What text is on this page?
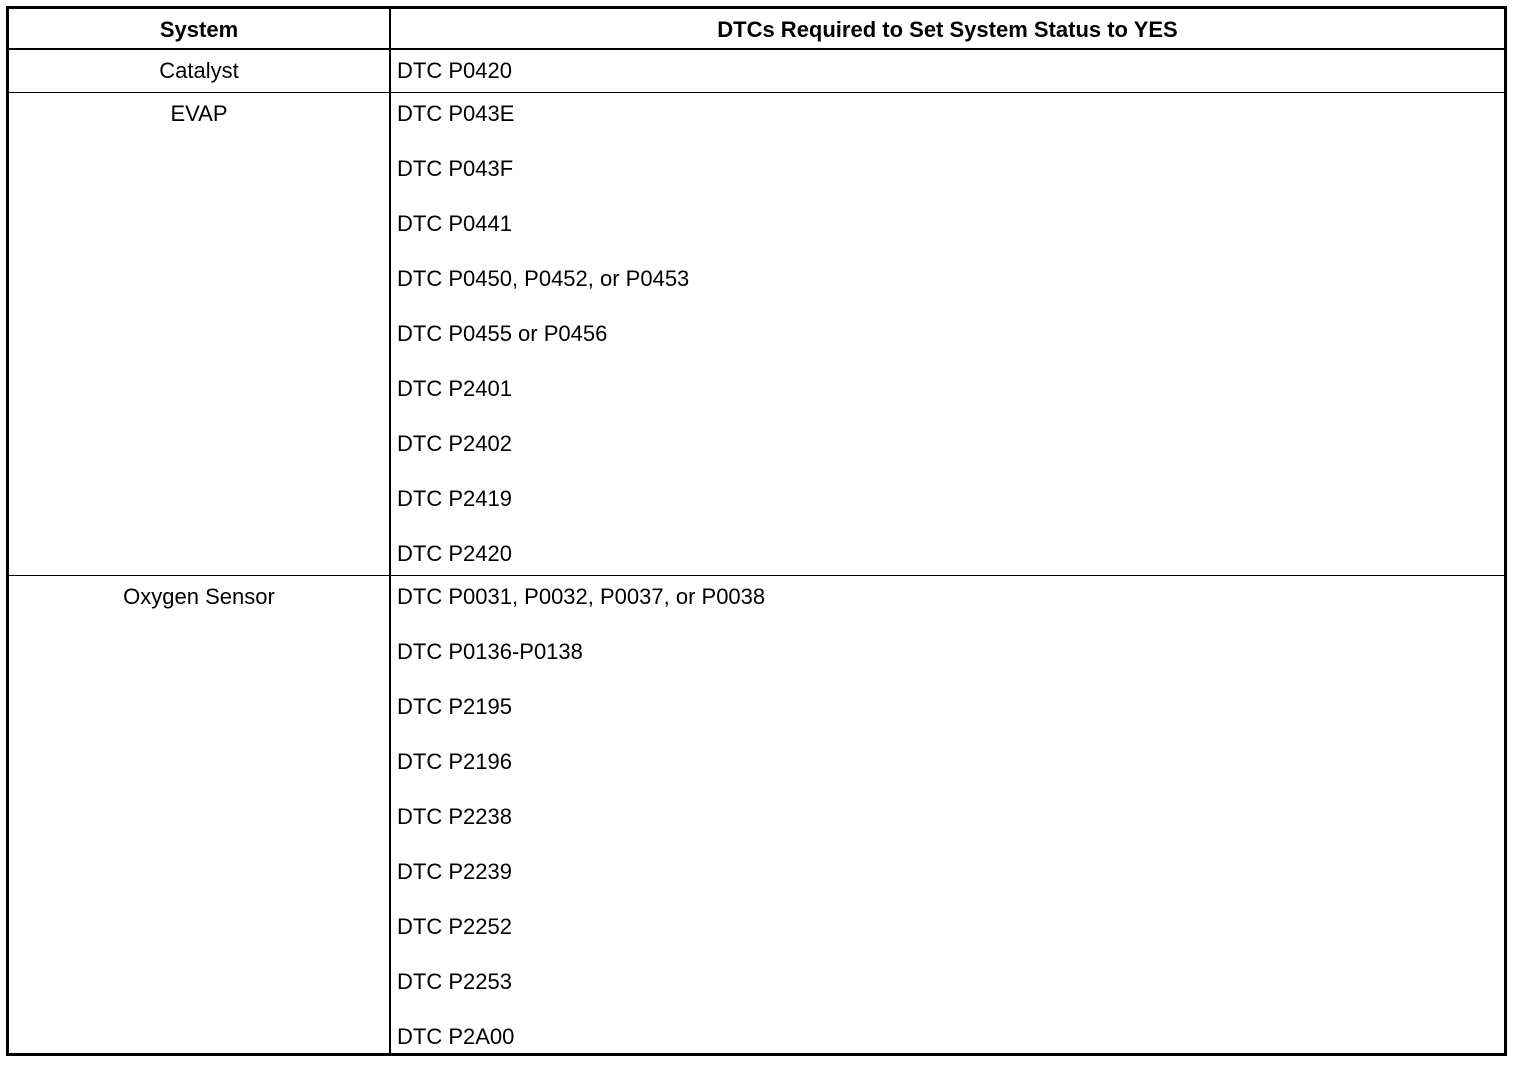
System	DTCs Required to Set System Status to YES
Catalyst	DTC P0420
EVAP	DTC P043E
DTC P043F
DTC P0441
DTC P0450, P0452, or P0453
DTC P0455 or P0456
DTC P2401
DTC P2402
DTC P2419
DTC P2420
Oxygen Sensor	DTC P0031, P0032, P0037, or P0038
DTC P0136-P0138
DTC P2195
DTC P2196
DTC P2238
DTC P2239
DTC P2252
DTC P2253
DTC P2A00
